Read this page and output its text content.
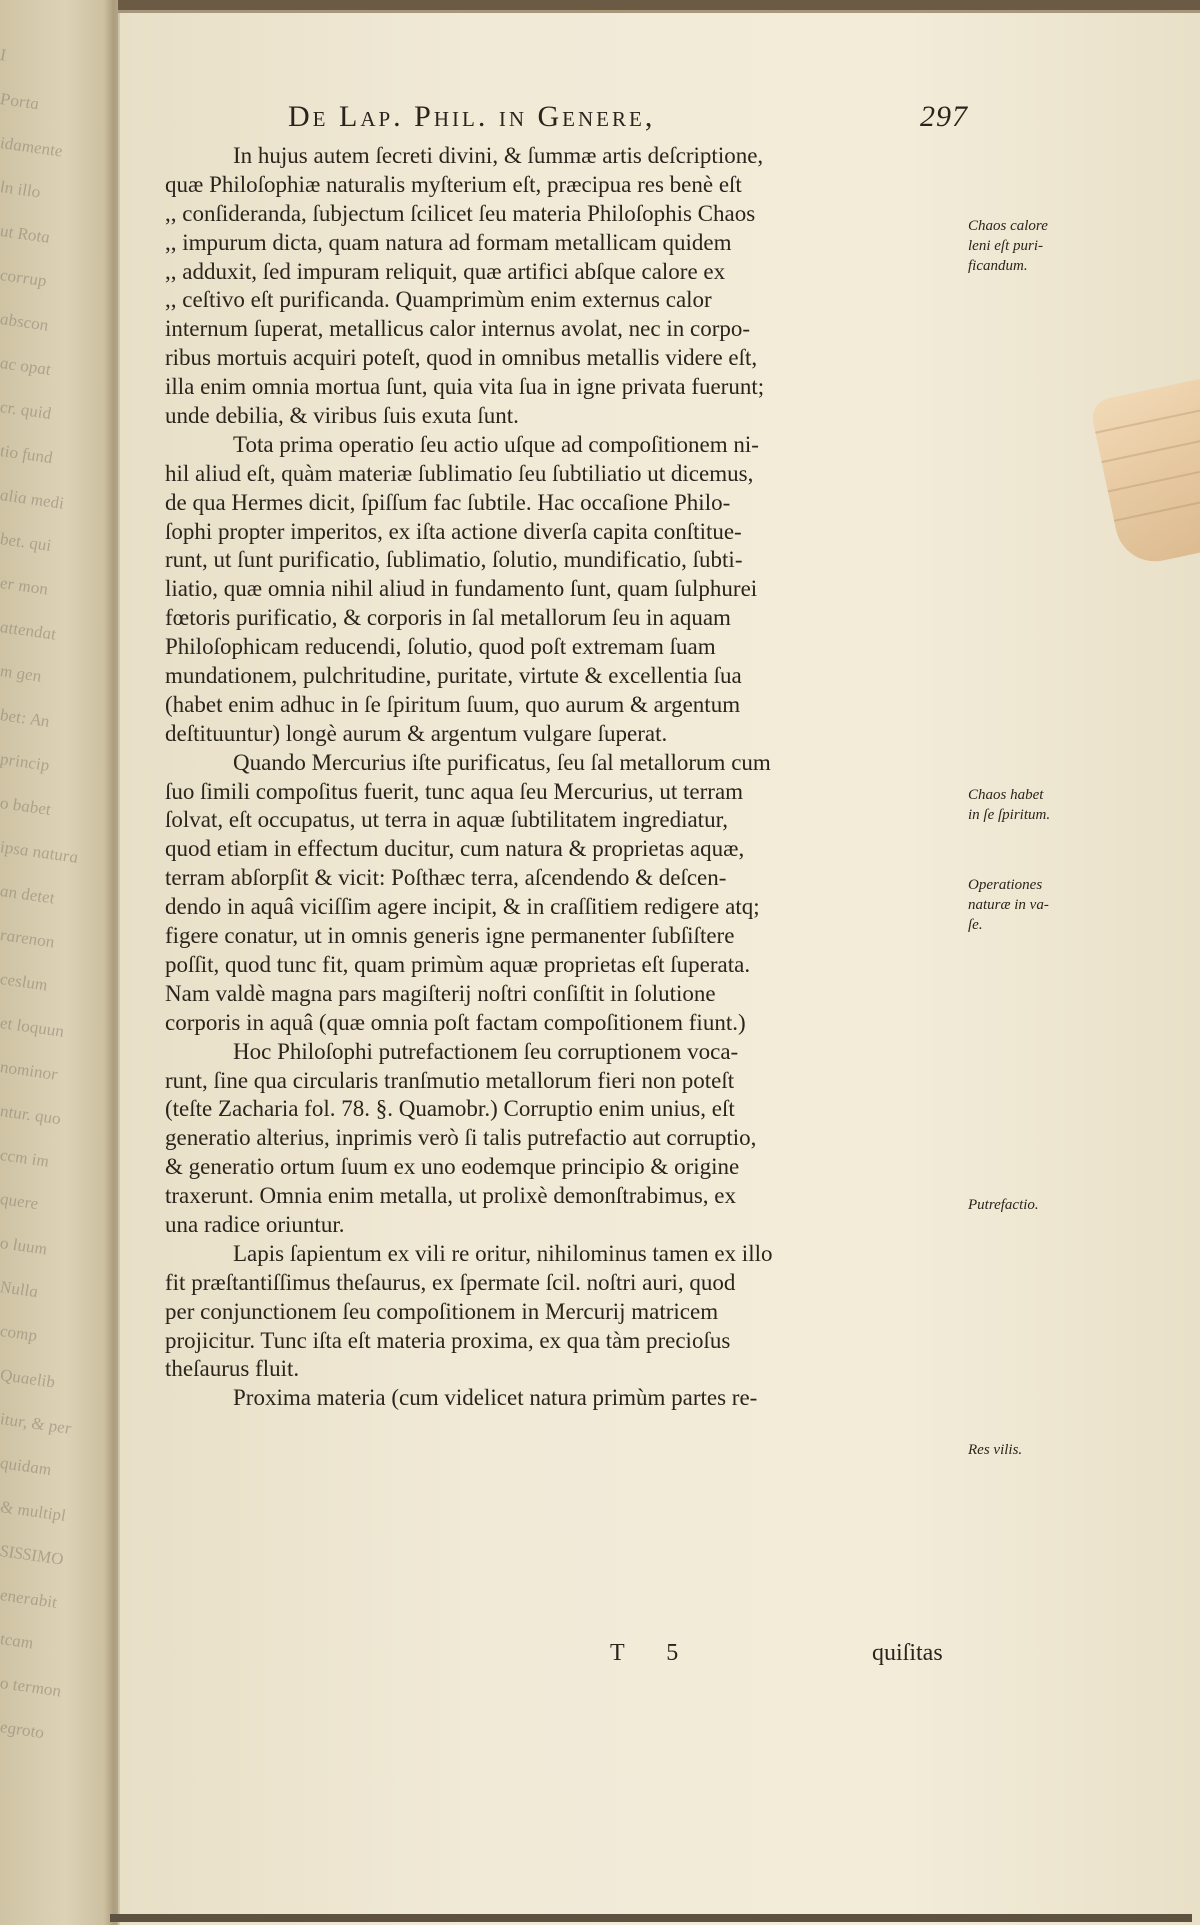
I
Porta
idamente
ln illo
ut Rota
corrup
abscon
ac opat
cr. quid
tio fund
alia medi
bet. qui
er mon
attendat
m gen
bet: An
princip
o babet
ipsa natura
an detet
rarenon
ceslum
et loquun
nominor
ntur. quo
ccm im
quere
o luum
Nulla
comp
Quaelib
itur, & per
quidam
& multipl
SISSIMO
enerabit
tcam
o termon
egroto
De Lap. Phil. in Genere,	297
In hujus autem ſecreti divini, & ſummæ artis deſcriptione,
quæ Philoſophiæ naturalis myſterium eſt, præcipua res benè eſt
,, conſideranda, ſubjectum ſcilicet ſeu materia Philoſophis Chaos
,, impurum dicta, quam natura ad formam metallicam quidem
,, adduxit, ſed impuram reliquit, quæ artifici abſque calore ex
,, ceſtivo eſt purificanda. Quamprimùm enim externus calor
internum ſuperat, metallicus calor internus avolat, nec in corpo-
ribus mortuis acquiri poteſt, quod in omnibus metallis videre eſt,
illa enim omnia mortua ſunt, quia vita ſua in igne privata fuerunt;
unde debilia, & viribus ſuis exuta ſunt.
Tota prima operatio ſeu actio uſque ad compoſitionem ni-
hil aliud eſt, quàm materiæ ſublimatio ſeu ſubtiliatio ut dicemus,
de qua Hermes dicit, ſpiſſum fac ſubtile. Hac occaſione Philo-
ſophi propter imperitos, ex iſta actione diverſa capita conſtitue-
runt, ut ſunt purificatio, ſublimatio, ſolutio, mundificatio, ſubti-
liatio, quæ omnia nihil aliud in fundamento ſunt, quam ſulphurei
fœtoris purificatio, & corporis in ſal metallorum ſeu in aquam
Philoſophicam reducendi, ſolutio, quod poſt extremam ſuam
mundationem, pulchritudine, puritate, virtute & excellentia ſua
(habet enim adhuc in ſe ſpiritum ſuum, quo aurum & argentum
deſtituuntur) longè aurum & argentum vulgare ſuperat.
Quando Mercurius iſte purificatus, ſeu ſal metallorum cum
ſuo ſimili compoſitus fuerit, tunc aqua ſeu Mercurius, ut terram
ſolvat, eſt occupatus, ut terra in aquæ ſubtilitatem ingrediatur,
quod etiam in effectum ducitur, cum natura & proprietas aquæ,
terram abſorpſit & vicit: Poſthæc terra, aſcendendo & deſcen-
dendo in aquâ viciſſim agere incipit, & in craſſitiem redigere atq;
figere conatur, ut in omnis generis igne permanenter ſubſiſtere
poſſit, quod tunc fit, quam primùm aquæ proprietas eſt ſuperata.
Nam valdè magna pars magiſterij noſtri conſiſtit in ſolutione
corporis in aquâ (quæ omnia poſt factam compoſitionem fiunt.)
Hoc Philoſophi putrefactionem ſeu corruptionem voca-
runt, ſine qua circularis tranſmutio metallorum fieri non poteſt
(teſte Zacharia fol. 78. §. Quamobr.) Corruptio enim unius, eſt
generatio alterius, inprimis verò ſi talis putrefactio aut corruptio,
& generatio ortum ſuum ex uno eodemque principio & origine
traxerunt. Omnia enim metalla, ut prolixè demonſtrabimus, ex
una radice oriuntur.
Lapis ſapientum ex vili re oritur, nihilominus tamen ex illo
fit præſtantiſſimus theſaurus, ex ſpermate ſcil. noſtri auri, quod
per conjunctionem ſeu compoſitionem in Mercurij matricem
projicitur. Tunc iſta eſt materia proxima, ex qua tàm precioſus
theſaurus fluit.
Proxima materia (cum videlicet natura primùm partes re-
T 5	quiſitas
Chaos calore
leni eſt puri-
ficandum.
Chaos habet
in ſe ſpiritum.
Operationes
naturæ in va-
ſe.
Putrefactio.
Res vilis.
